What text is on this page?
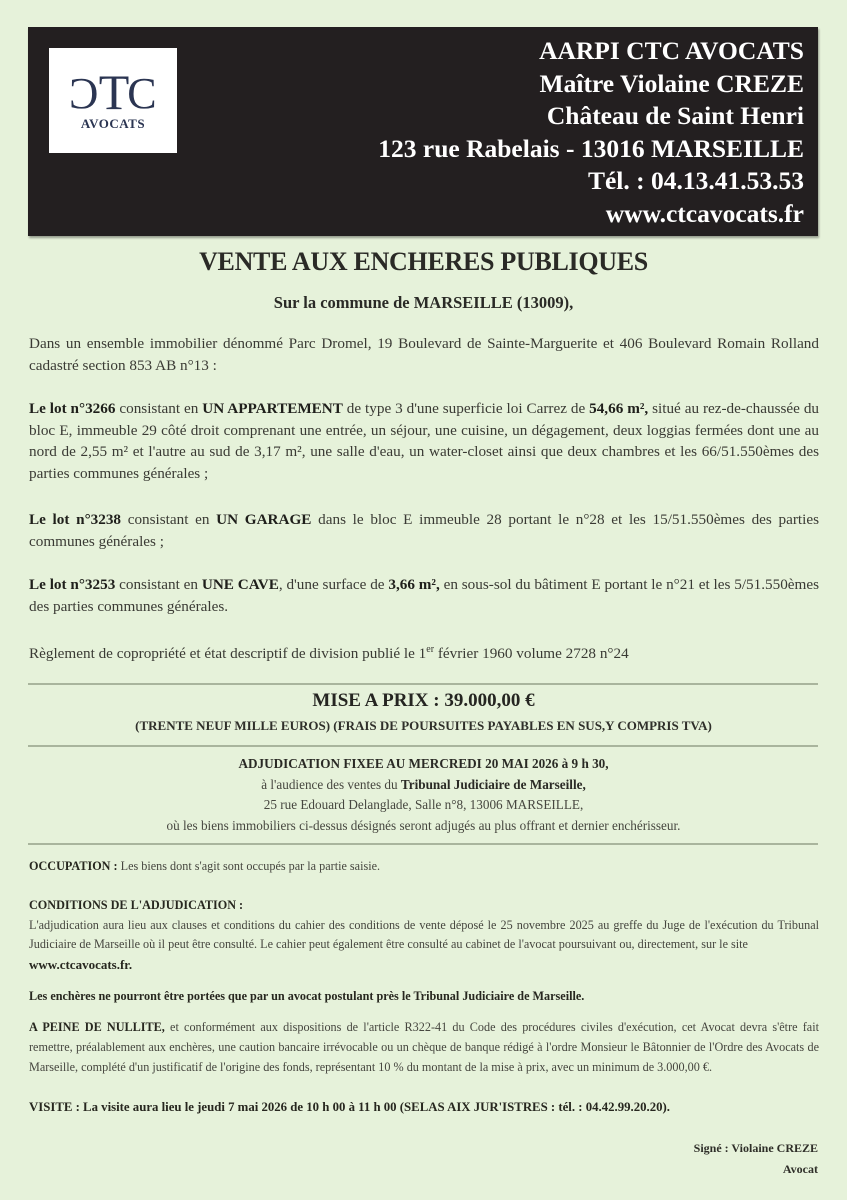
C T C
AVOCATS
AARPI CTC AVOCATS
Maître Violaine CREZE
Château de Saint Henri
123 rue Rabelais - 13016 MARSEILLE
Tél. : 04.13.41.53.53
www.ctcavocats.fr
VENTE AUX ENCHERES PUBLIQUES
Sur la commune de MARSEILLE (13009),
Dans un ensemble immobilier dénommé Parc Dromel, 19 Boulevard de Sainte-Marguerite et 406 Boulevard Romain Rolland cadastré section 853 AB n°13 :
Le lot n°3266 consistant en UN APPARTEMENT de type 3 d'une superficie loi Carrez de 54,66 m², situé au rez-de-chaussée du bloc E, immeuble 29 côté droit comprenant une entrée, un séjour, une cuisine, un dégagement, deux loggias fermées dont une au nord de 2,55 m² et l'autre au sud de 3,17 m², une salle d'eau, un water-closet ainsi que deux chambres et les 66/51.550èmes des parties communes générales ;
Le lot n°3238 consistant en UN GARAGE dans le bloc E immeuble 28 portant le n°28 et les 15/51.550èmes des parties communes générales ;
Le lot n°3253 consistant en UNE CAVE, d'une surface de 3,66 m², en sous-sol du bâtiment E portant le n°21 et les 5/51.550èmes des parties communes générales.
Règlement de copropriété et état descriptif de division publié le 1er février 1960 volume 2728 n°24
MISE A PRIX : 39.000,00 €
(TRENTE NEUF MILLE EUROS) (FRAIS DE POURSUITES PAYABLES EN SUS,Y COMPRIS TVA)
ADJUDICATION FIXEE AU MERCREDI 20 MAI 2026 à 9 h 30,
à l'audience des ventes du Tribunal Judiciaire de Marseille,
25 rue Edouard Delanglade, Salle n°8, 13006 MARSEILLE,
où les biens immobiliers ci-dessus désignés seront adjugés au plus offrant et dernier enchérisseur.
OCCUPATION : Les biens dont s'agit sont occupés par la partie saisie.
CONDITIONS DE L'ADJUDICATION :
L'adjudication aura lieu aux clauses et conditions du cahier des conditions de vente déposé le 25 novembre 2025 au greffe du Juge de l'exécution du Tribunal Judiciaire de Marseille où il peut être consulté. Le cahier peut également être consulté au cabinet de l'avocat poursuivant ou, directement, sur le site
www.ctcavocats.fr.
Les enchères ne pourront être portées que par un avocat postulant près le Tribunal Judiciaire de Marseille.
A PEINE DE NULLITE, et conformément aux dispositions de l'article R322-41 du Code des procédures civiles d'exécution, cet Avocat devra s'être fait remettre, préalablement aux enchères, une caution bancaire irrévocable ou un chèque de banque rédigé à l'ordre Monsieur le Bâtonnier de l'Ordre des Avocats de Marseille, complété d'un justificatif de l'origine des fonds, représentant 10 % du montant de la mise à prix, avec un minimum de 3.000,00 €.
VISITE : La visite aura lieu le jeudi 7 mai 2026 de 10 h 00 à 11 h 00 (SELAS AIX JUR'ISTRES : tél. : 04.42.99.20.20).
Signé : Violaine CREZE
Avocat
